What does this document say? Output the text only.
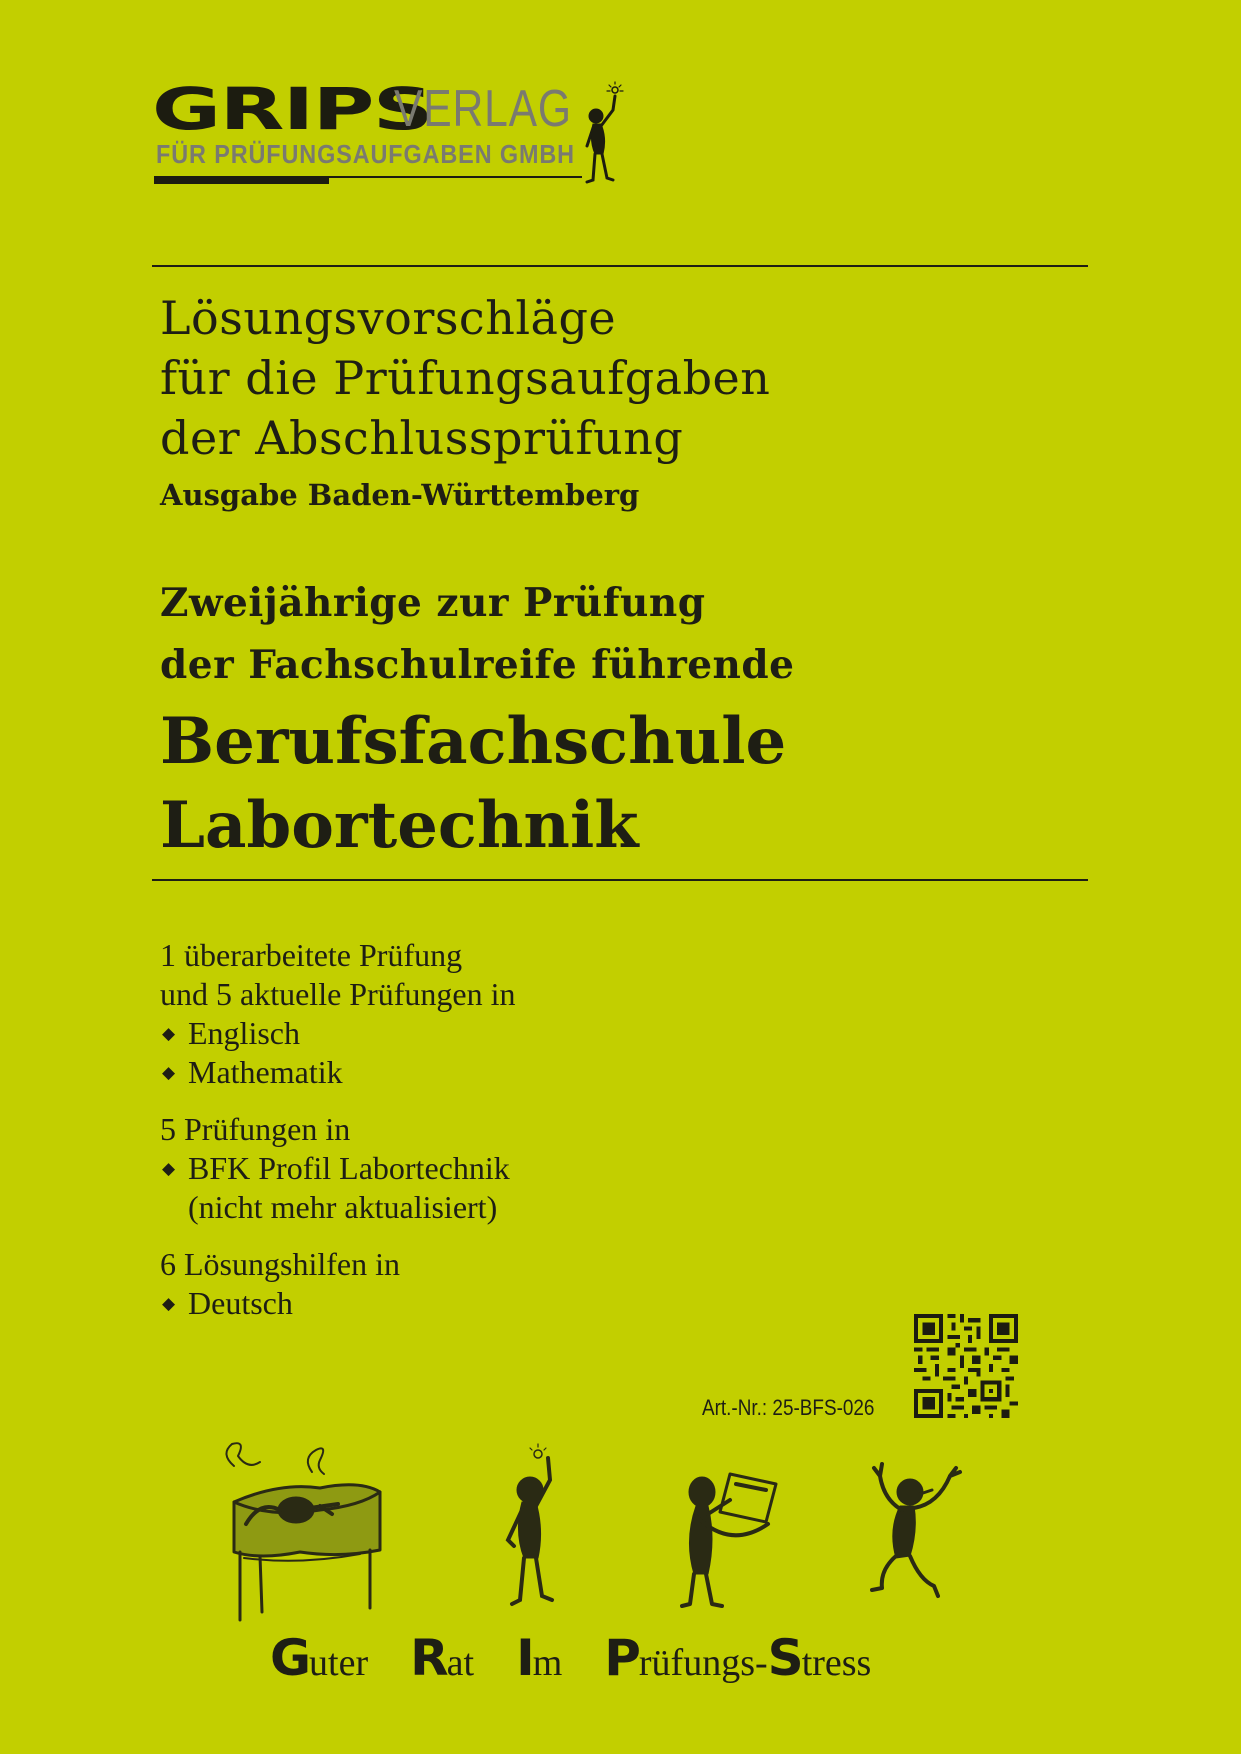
GRIPS
VERLAG
FÜR PRÜFUNGSAUFGABEN GMBH
Lösungsvorschläge
für die Prüfungsaufgaben
der Abschlussprüfung
Ausgabe Baden-Württemberg
Zweijährige zur Prüfung
der Fachschulreife führende
Berufsfachschule
Labortechnik
1 überarbeitete Prüfung
und 5 aktuelle Prüfungen in
◆ Englisch
◆ Mathematik
5 Prüfungen in
◆ BFK Profil Labortechnik
(nicht mehr aktualisiert)
6 Lösungshilfen in
◆ Deutsch
Art.-Nr.: 25-BFS-026
Guter Rat Im Prüfungs-Stress
